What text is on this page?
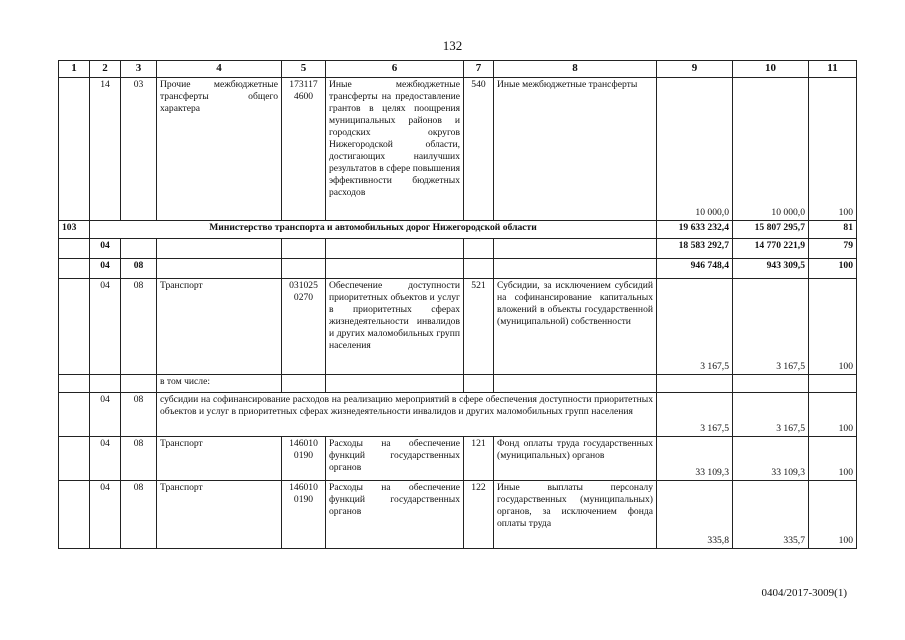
132
1	2	3	4	5	6	7	8	9	10	11
	14	03	Прочие межбюджетные трансферты общего характера	173117 4600	Иные межбюджетные трансферты на предоставление грантов в целях поощрения муниципальных районов и городских округов Нижегородской области, достигающих наилучших результатов в сфере повышения эффективности бюджетных расходов	540	Иные межбюджетные трансферты	10 000,0	10 000,0	100
103	Министерство транспорта и автомобильных дорог Нижегородской области							19 633 232,4	15 807 295,7	81
	04							18 583 292,7	14 770 221,9	79
	04	08						946 748,4	943 309,5	100
	04	08	Транспорт	031025 0270	Обеспечение доступности приоритетных объектов и услуг в приоритетных сферах жизнедеятельности инвалидов и других маломобильных групп населения	521	Субсидии, за исключением субсидий на софинансирование капитальных вложений в объекты государственной (муниципальной) собственности	3 167,5	3 167,5	100
			в том числе:							
	04	08	субсидии на софинансирование расходов на реализацию мероприятий в сфере обеспечения доступности приоритетных объектов и услуг в приоритетных сферах жизнедеятельности инвалидов и других маломобильных групп населения					3 167,5	3 167,5	100
	04	08	Транспорт	146010 0190	Расходы на обеспечение функций государственных органов	121	Фонд оплаты труда государственных (муниципальных) органов	33 109,3	33 109,3	100
	04	08	Транспорт	146010 0190	Расходы на обеспечение функций государственных органов	122	Иные выплаты персоналу государственных (муниципальных) органов, за исключением фонда оплаты труда	335,8	335,7	100
0404/2017-3009(1)
